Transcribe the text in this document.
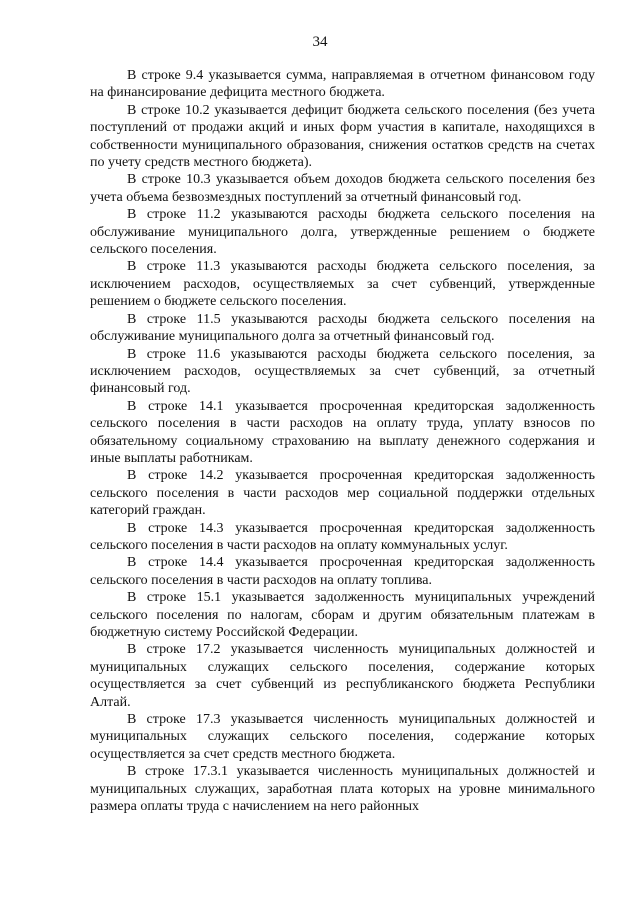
34

В строке 9.4 указывается сумма, направляемая в отчетном финансовом году на финансирование дефицита местного бюджета.

В строке 10.2 указывается дефицит бюджета сельского поселения (без учета поступлений от продажи акций и иных форм участия в капитале, находящихся в собственности муниципального образования, снижения остатков средств на счетах по учету средств местного бюджета).

В строке 10.3 указывается объем доходов бюджета сельского поселения без учета объема безвозмездных поступлений за отчетный финансовый год.

В строке 11.2 указываются расходы бюджета сельского поселения на обслуживание муниципального долга, утвержденные решением о бюджете сельского поселения.

В строке 11.3 указываются расходы бюджета сельского поселения, за исключением расходов, осуществляемых за счет субвенций, утвержденные решением о бюджете сельского поселения.

В строке 11.5 указываются расходы бюджета сельского поселения на обслуживание муниципального долга за отчетный финансовый год.

В строке 11.6 указываются расходы бюджета сельского поселения, за исключением расходов, осуществляемых за счет субвенций, за отчетный финансовый год.

В строке 14.1 указывается просроченная кредиторская задолженность сельского поселения в части расходов на оплату труда, уплату взносов по обязательному социальному страхованию на выплату денежного содержания и иные выплаты работникам.

В строке 14.2 указывается просроченная кредиторская задолженность сельского поселения в части расходов мер социальной поддержки отдельных категорий граждан.

В строке 14.3 указывается просроченная кредиторская задолженность сельского поселения в части расходов на оплату коммунальных услуг.

В строке 14.4 указывается просроченная кредиторская задолженность сельского поселения в части расходов на оплату топлива.

В строке 15.1 указывается задолженность муниципальных учреждений сельского поселения по налогам, сборам и другим обязательным платежам в бюджетную систему Российской Федерации.

В строке 17.2 указывается численность муниципальных должностей и муниципальных служащих сельского поселения, содержание которых осуществляется за счет субвенций из республиканского бюджета Республики Алтай.

В строке 17.3 указывается численность муниципальных должностей и муниципальных служащих сельского поселения, содержание которых осуществляется за счет средств местного бюджета.

В строке 17.3.1 указывается численность муниципальных должностей и муниципальных служащих, заработная плата которых на уровне минимального размера оплаты труда с начислением на него районных
